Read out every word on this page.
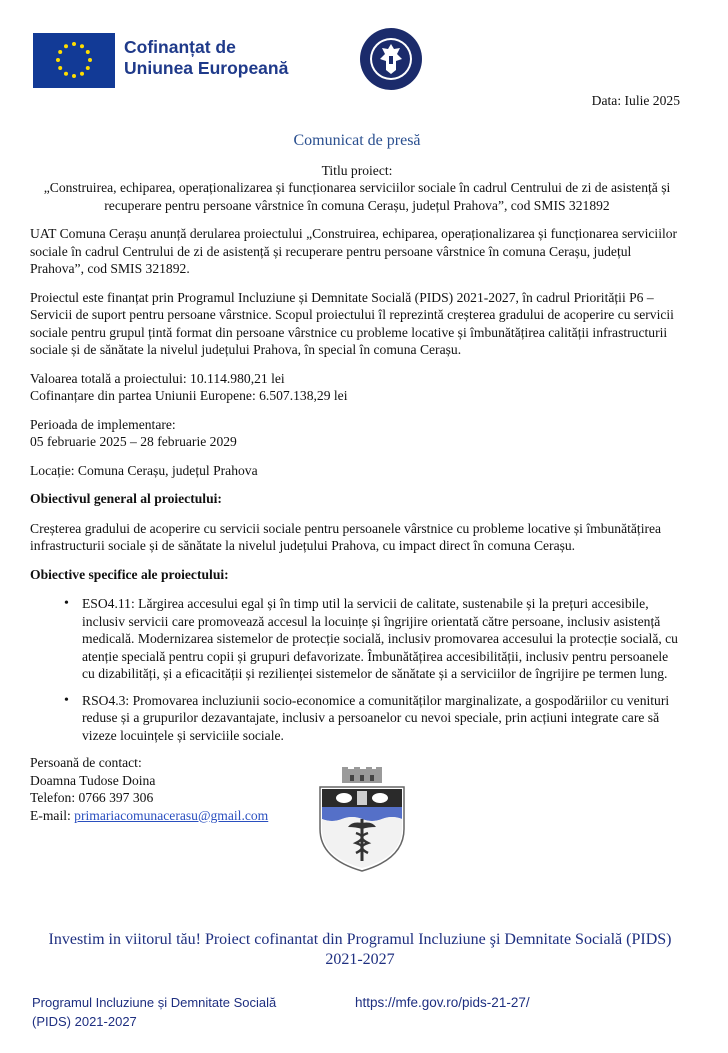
Cofinanțat de
Uniunea Europeană
Data: Iulie 2025
Comunicat de presă
Titlu proiect:
„Construirea, echiparea, operaționalizarea și funcționarea serviciilor sociale în cadrul Centrului de zi de asistență și recuperare pentru persoane vârstnice în comuna Cerașu, județul Prahova”, cod SMIS 321892

UAT Comuna Cerașu anunță derularea proiectului „Construirea, echiparea, operaționalizarea și funcționarea serviciilor sociale în cadrul Centrului de zi de asistență și recuperare pentru persoane vârstnice în comuna Cerașu, județul Prahova”, cod SMIS 321892.

Proiectul este finanțat prin Programul Incluziune și Demnitate Socială (PIDS) 2021-2027, în cadrul Priorității P6 – Servicii de suport pentru persoane vârstnice. Scopul proiectului îl reprezintă creșterea gradului de acoperire cu servicii sociale pentru grupul țintă format din persoane vârstnice cu probleme locative și îmbunătățirea calității infrastructurii sociale și de sănătate la nivelul județului Prahova, în special în comuna Cerașu.

Valoarea totală a proiectului: 10.114.980,21 lei
Cofinanțare din partea Uniunii Europene: 6.507.138,29 lei
Perioada de implementare:
05 februarie 2025 – 28 februarie 2029

Locație: Comuna Cerașu, județul Prahova

Obiectivul general al proiectului:

Creșterea gradului de acoperire cu servicii sociale pentru persoanele vârstnice cu probleme locative și îmbunătățirea infrastructurii sociale și de sănătate la nivelul județului Prahova, cu impact direct în comuna Cerașu.

Obiective specifice ale proiectului:

• ESO4.11: Lărgirea accesului egal și în timp util la servicii de calitate, sustenabile și la prețuri accesibile, inclusiv servicii care promovează accesul la locuințe și îngrijire orientată către persoane, inclusiv asistență medicală. Modernizarea sistemelor de protecție socială, inclusiv promovarea accesului la protecție socială, cu atenție specială pentru copii și grupuri defavorizate. Îmbunătățirea accesibilității, inclusiv pentru persoanele cu dizabilități, și a eficacității și rezilienței sistemelor de sănătate și a serviciilor de îngrijire pe termen lung.
• RSO4.3: Promovarea incluziunii socio-economice a comunităților marginalizate, a gospodăriilor cu venituri reduse și a grupurilor dezavantajate, inclusiv a persoanelor cu nevoi speciale, prin acțiuni integrate care să vizeze locuințele și serviciile sociale.
Persoană de contact:
Doamna Tudose Doina
Telefon: 0766 397 306
E-mail: primariacomunacerasu@gmail.com
Investim in viitorul tău! Proiect cofinantat din Programul Incluziune şi Demnitate Socială (PIDS) 2021-2027
Programul Incluziune și Demnitate Socială
(PIDS) 2021-2027
https://mfe.gov.ro/pids-21-27/
